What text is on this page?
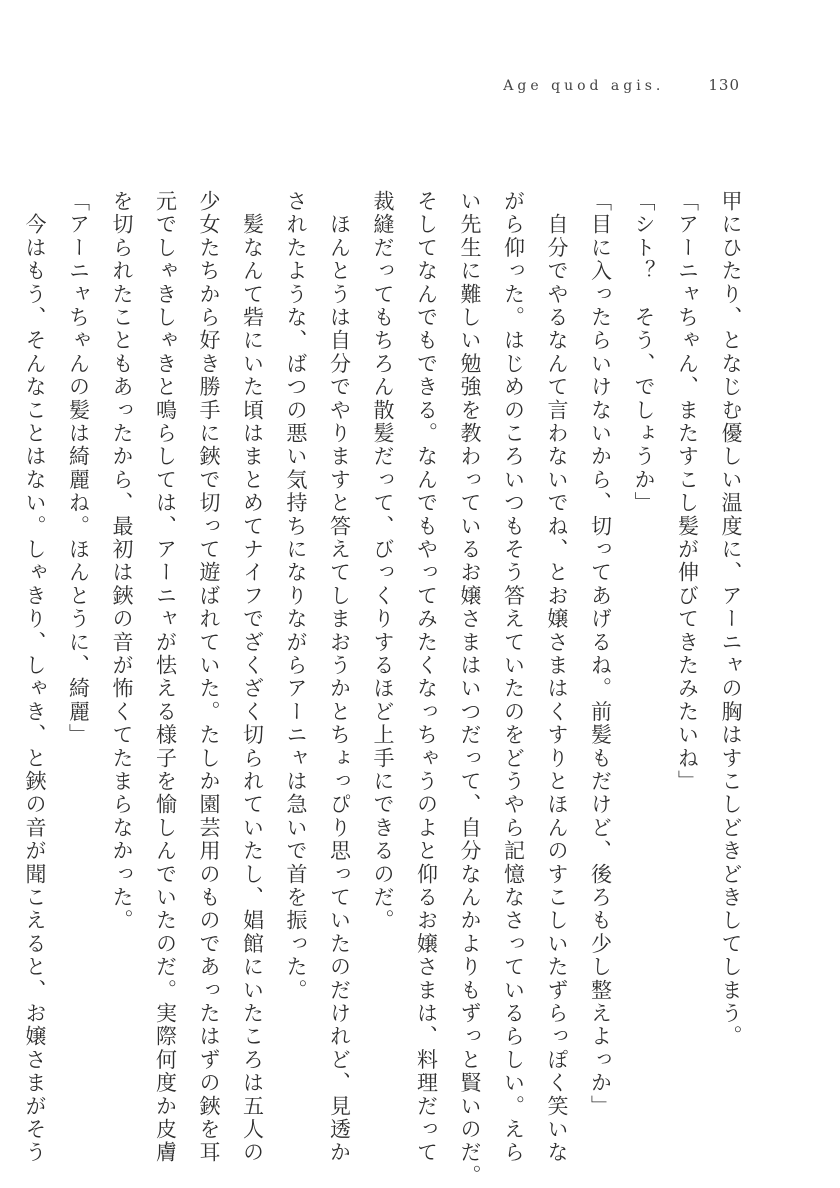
Age quod agis.	130
甲にひたり、となじむ優しい温度に、アーニャの胸はすこしどきどきしてしまう。
「アーニャちゃん、またすこし髪が伸びてきたみたいね」
「シト？　そう、でしょうか」
「目に入ったらいけないから、切ってあげるね。前髪もだけど、後ろも少し整えよっか」
　自分でやるなんて言わないでね、とお嬢さまはくすりとほんのすこしいたずらっぽく笑いな
がら仰った。はじめのころいつもそう答えていたのをどうやら記憶なさっているらしい。えら
い先生に難しい勉強を教わっているお嬢さまはいつだって、自分なんかよりもずっと賢いのだ。
そしてなんでもできる。なんでもやってみたくなっちゃうのよと仰るお嬢さまは、料理だって
裁縫だってもちろん散髪だって、びっくりするほど上手にできるのだ。
　ほんとうは自分でやりますと答えてしまおうかとちょっぴり思っていたのだけれど、見透か
されたような、ばつの悪い気持ちになりながらアーニャは急いで首を振った。
　髪なんて砦にいた頃はまとめてナイフでざくざく切られていたし、娼館にいたころは五人の
少女たちから好き勝手に鋏で切って遊ばれていた。たしか園芸用のものであったはずの鋏を耳
元でしゃきしゃきと鳴らしては、アーニャが怯える様子を愉しんでいたのだ。実際何度か皮膚
を切られたこともあったから、最初は鋏の音が怖くてたまらなかった。
「アーニャちゃんの髪は綺麗ね。ほんとうに、綺麗」
　今はもう、そんなことはない。しゃきり、しゃき、と鋏の音が聞こえると、お嬢さまがそう
